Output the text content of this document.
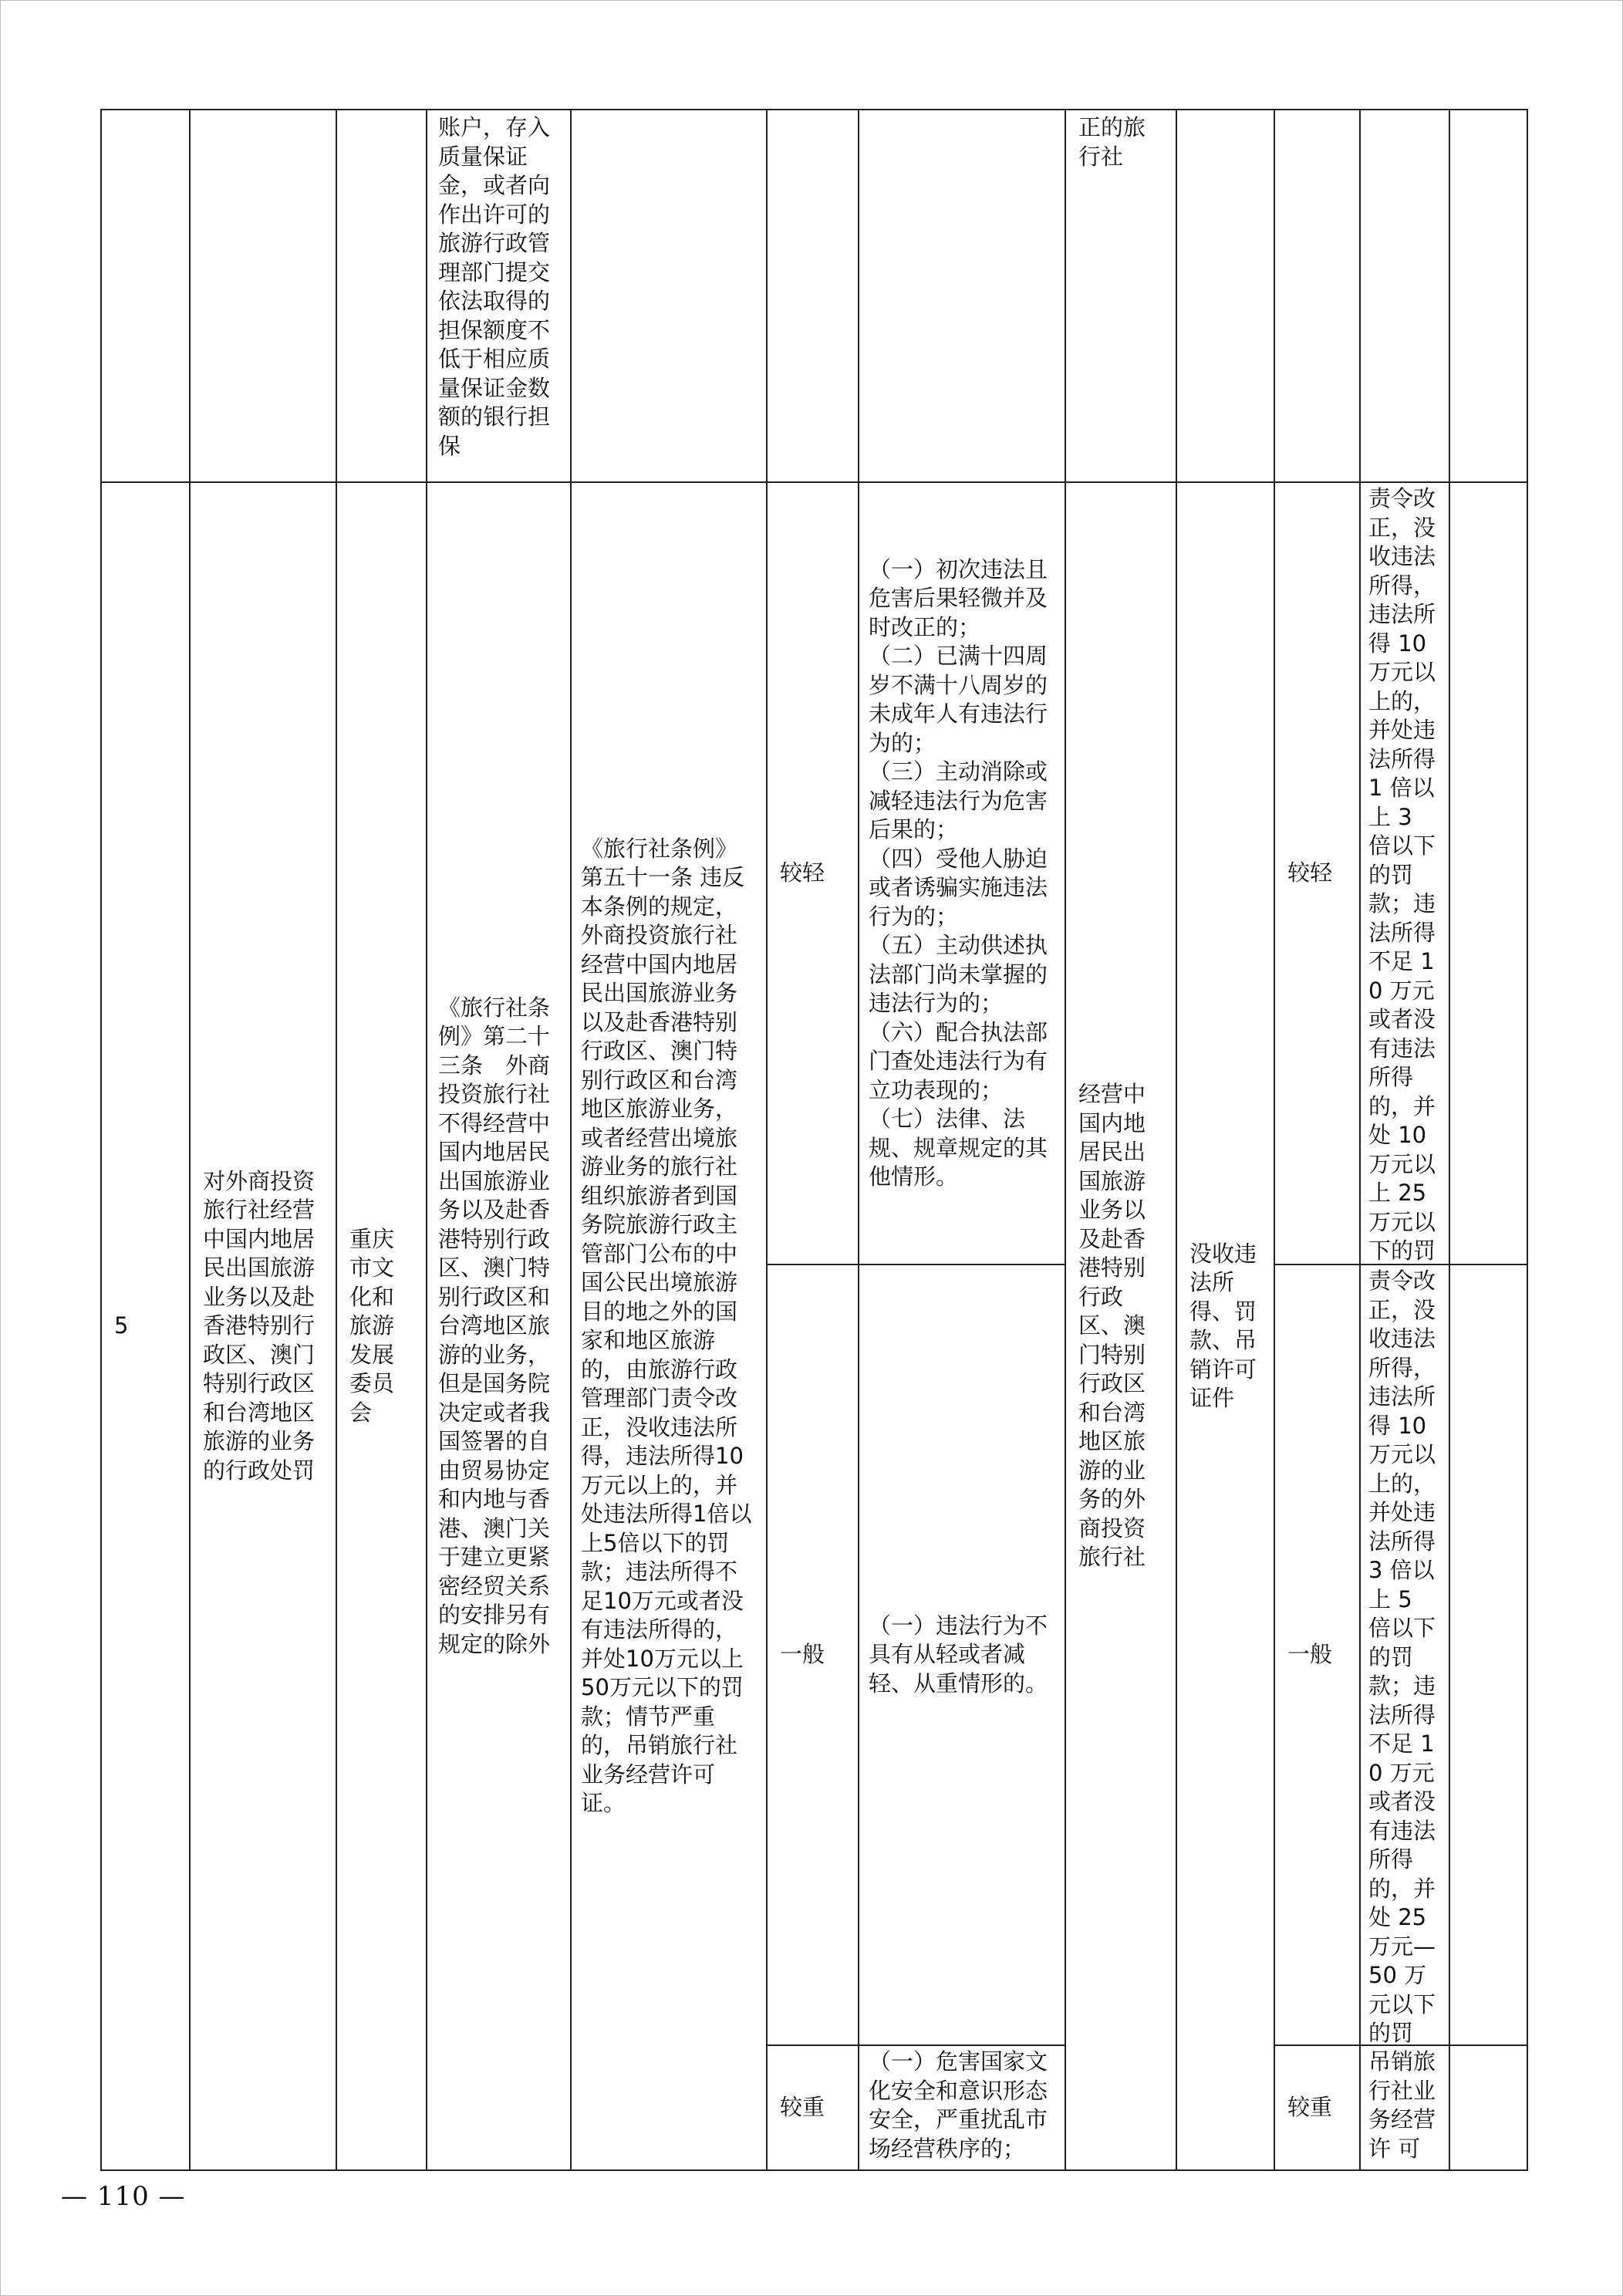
账户，存入质量保证金，或者向作出许可的旅游行政管理部门提交依法取得的担保额度不低于相应质量保证金数额的银行担保
正的旅行社
5
对外商投资旅行社经营中国内地居民出国旅游业务以及赴香港特别行政区、澳门特别行政区和台湾地区旅游的业务的行政处罚
重庆市文化和旅游发展委员会
《旅行社条例》第二十三条　外商投资旅行社不得经营中国内地居民出国旅游业务以及赴香港特别行政区、澳门特别行政区和台湾地区旅游的业务，但是国务院决定或者我国签署的自由贸易协定和内地与香港、澳门关于建立更紧密经贸关系的安排另有规定的除外
《旅行社条例》第五十一条 违反本条例的规定，外商投资旅行社经营中国内地居民出国旅游业务以及赴香港特别行政区、澳门特别行政区和台湾地区旅游业务，或者经营出境旅游业务的旅行社组织旅游者到国务院旅游行政主管部门公布的中国公民出境旅游目的地之外的国家和地区旅游的，由旅游行政管理部门责令改正，没收违法所得，违法所得10万元以上的，并处违法所得1倍以上5倍以下的罚款；违法所得不足10万元或者没有违法所得的，并处10万元以上50万元以下的罚款；情节严重的，吊销旅行社业务经营许可证。
较轻
（一）初次违法且危害后果轻微并及时改正的；
（二）已满十四周岁不满十八周岁的未成年人有违法行为的；
（三）主动消除或减轻违法行为危害后果的；
（四）受他人胁迫或者诱骗实施违法行为的；
（五）主动供述执法部门尚未掌握的违法行为的；
（六）配合执法部门查处违法行为有立功表现的；
（七）法律、法规、规章规定的其他情形。
一般
（一）违法行为不具有从轻或者减轻、从重情形的。
较重
（一）危害国家文化安全和意识形态安全，严重扰乱市场经营秩序的；
经营中国内地居民出国旅游业务以及赴香港特别行政区、澳门特别行政区和台湾地区旅游的业务的外商投资旅行社
没收违法所得、罚款、吊销许可证件
较轻
责令改正，没收违法所得，违法所得 10 万元以上的，并处违法所得 1 倍以上 3 倍以下的罚款；违法所得不足 10 万元或者没有违法所得的，并处 10 万元以上 25 万元以下的罚
一般
责令改正，没收违法所得，违法所得 10 万元以上的，并处违法所得 3 倍以上 5 倍以下的罚款；违法所得不足 10 万元或者没有违法所得的，并处 25 万元—50 万元以下的罚
较重
吊销旅行社业务经营许 可
— 110 —
